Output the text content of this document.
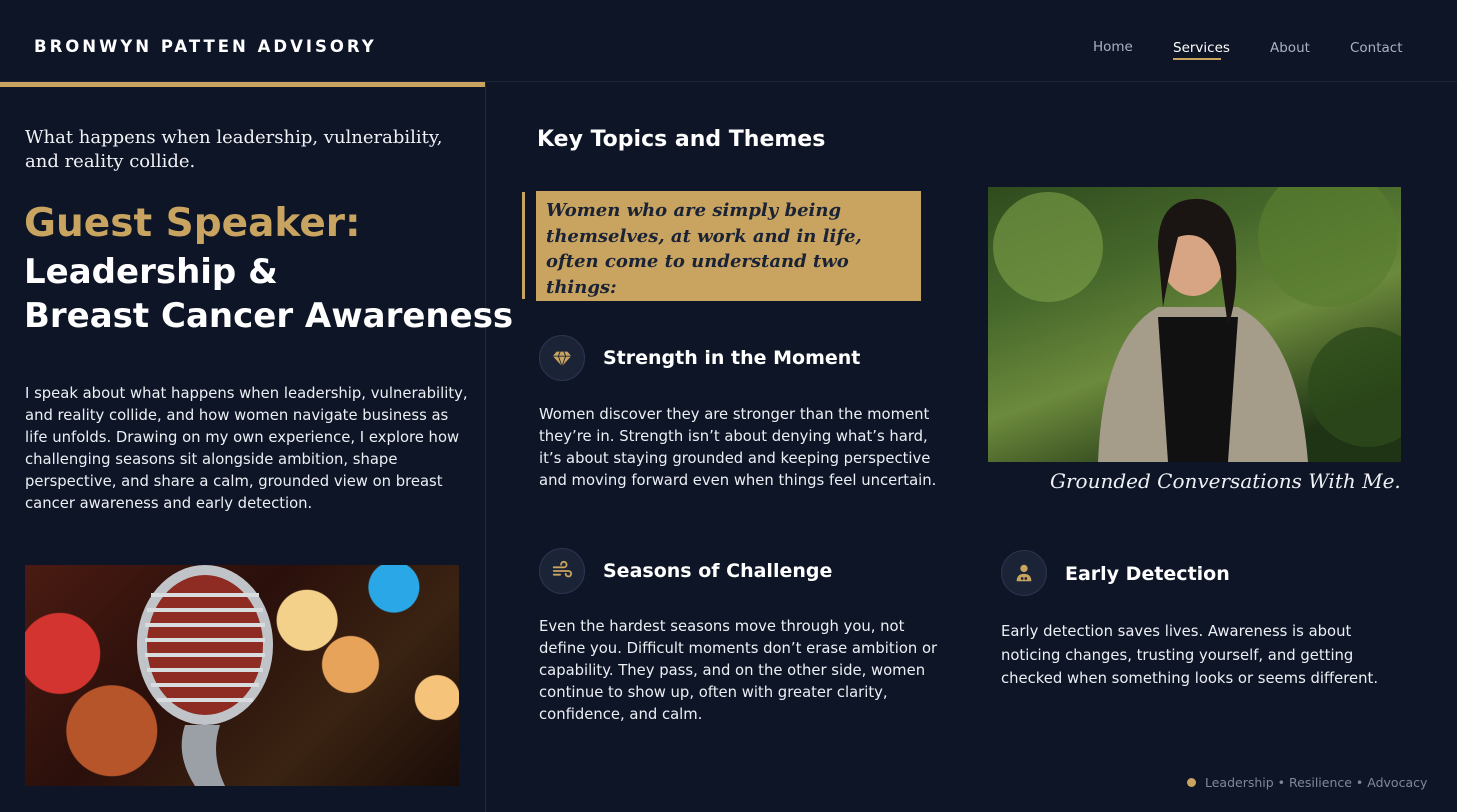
BRONWYN PATTEN ADVISORY	Home	Services	About	Contact
What happens when leadership, vulnerability, and reality collide.
Guest Speaker:
Leadership &
Breast Cancer Awareness

I speak about what happens when leadership, vulnerability, and reality collide, and how women navigate business as life unfolds. Drawing on my own experience, I explore how challenging seasons sit alongside ambition, shape perspective, and share a calm, grounded view on breast cancer awareness and early detection.

Key Topics and Themes

Women who are simply being themselves, at work and in life, often come to understand two things:

Strength in the Moment

Women discover they are stronger than the moment they’re in. Strength isn’t about denying what’s hard, it’s about staying grounded and keeping perspective and moving forward even when things feel uncertain.

Seasons of Challenge

Even the hardest seasons move through you, not define you. Difficult moments don’t erase ambition or capability. They pass, and on the other side, women continue to show up, often with greater clarity, confidence, and calm.

Grounded Conversations With Me.
Early Detection

Early detection saves lives. Awareness is about noticing changes, trusting yourself, and getting checked when something looks or seems different.

Leadership • Resilience • Advocacy
